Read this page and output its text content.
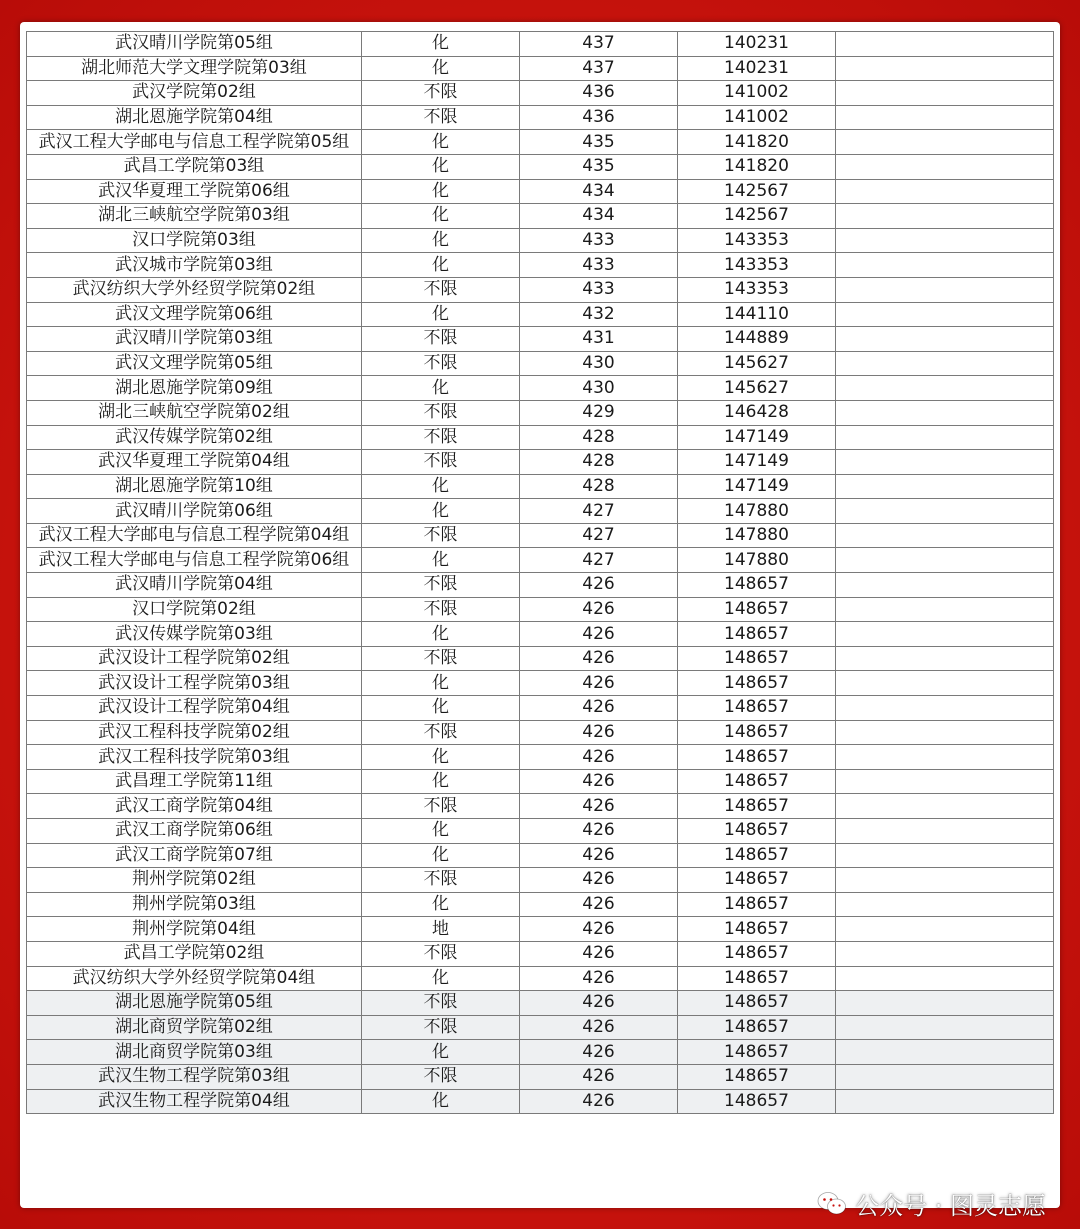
武汉晴川学院第05组	化	437	140231	
湖北师范大学文理学院第03组	化	437	140231	
武汉学院第02组	不限	436	141002	
湖北恩施学院第04组	不限	436	141002	
武汉工程大学邮电与信息工程学院第05组	化	435	141820	
武昌工学院第03组	化	435	141820	
武汉华夏理工学院第06组	化	434	142567	
湖北三峡航空学院第03组	化	434	142567	
汉口学院第03组	化	433	143353	
武汉城市学院第03组	化	433	143353	
武汉纺织大学外经贸学院第02组	不限	433	143353	
武汉文理学院第06组	化	432	144110	
武汉晴川学院第03组	不限	431	144889	
武汉文理学院第05组	不限	430	145627	
湖北恩施学院第09组	化	430	145627	
湖北三峡航空学院第02组	不限	429	146428	
武汉传媒学院第02组	不限	428	147149	
武汉华夏理工学院第04组	不限	428	147149	
湖北恩施学院第10组	化	428	147149	
武汉晴川学院第06组	化	427	147880	
武汉工程大学邮电与信息工程学院第04组	不限	427	147880	
武汉工程大学邮电与信息工程学院第06组	化	427	147880	
武汉晴川学院第04组	不限	426	148657	
汉口学院第02组	不限	426	148657	
武汉传媒学院第03组	化	426	148657	
武汉设计工程学院第02组	不限	426	148657	
武汉设计工程学院第03组	化	426	148657	
武汉设计工程学院第04组	化	426	148657	
武汉工程科技学院第02组	不限	426	148657	
武汉工程科技学院第03组	化	426	148657	
武昌理工学院第11组	化	426	148657	
武汉工商学院第04组	不限	426	148657	
武汉工商学院第06组	化	426	148657	
武汉工商学院第07组	化	426	148657	
荆州学院第02组	不限	426	148657	
荆州学院第03组	化	426	148657	
荆州学院第04组	地	426	148657	
武昌工学院第02组	不限	426	148657	
武汉纺织大学外经贸学院第04组	化	426	148657	
湖北恩施学院第05组	不限	426	148657	
湖北商贸学院第02组	不限	426	148657	
湖北商贸学院第03组	化	426	148657	
武汉生物工程学院第03组	不限	426	148657	
武汉生物工程学院第04组	化	426	148657	
公众号 · 图灵志愿
